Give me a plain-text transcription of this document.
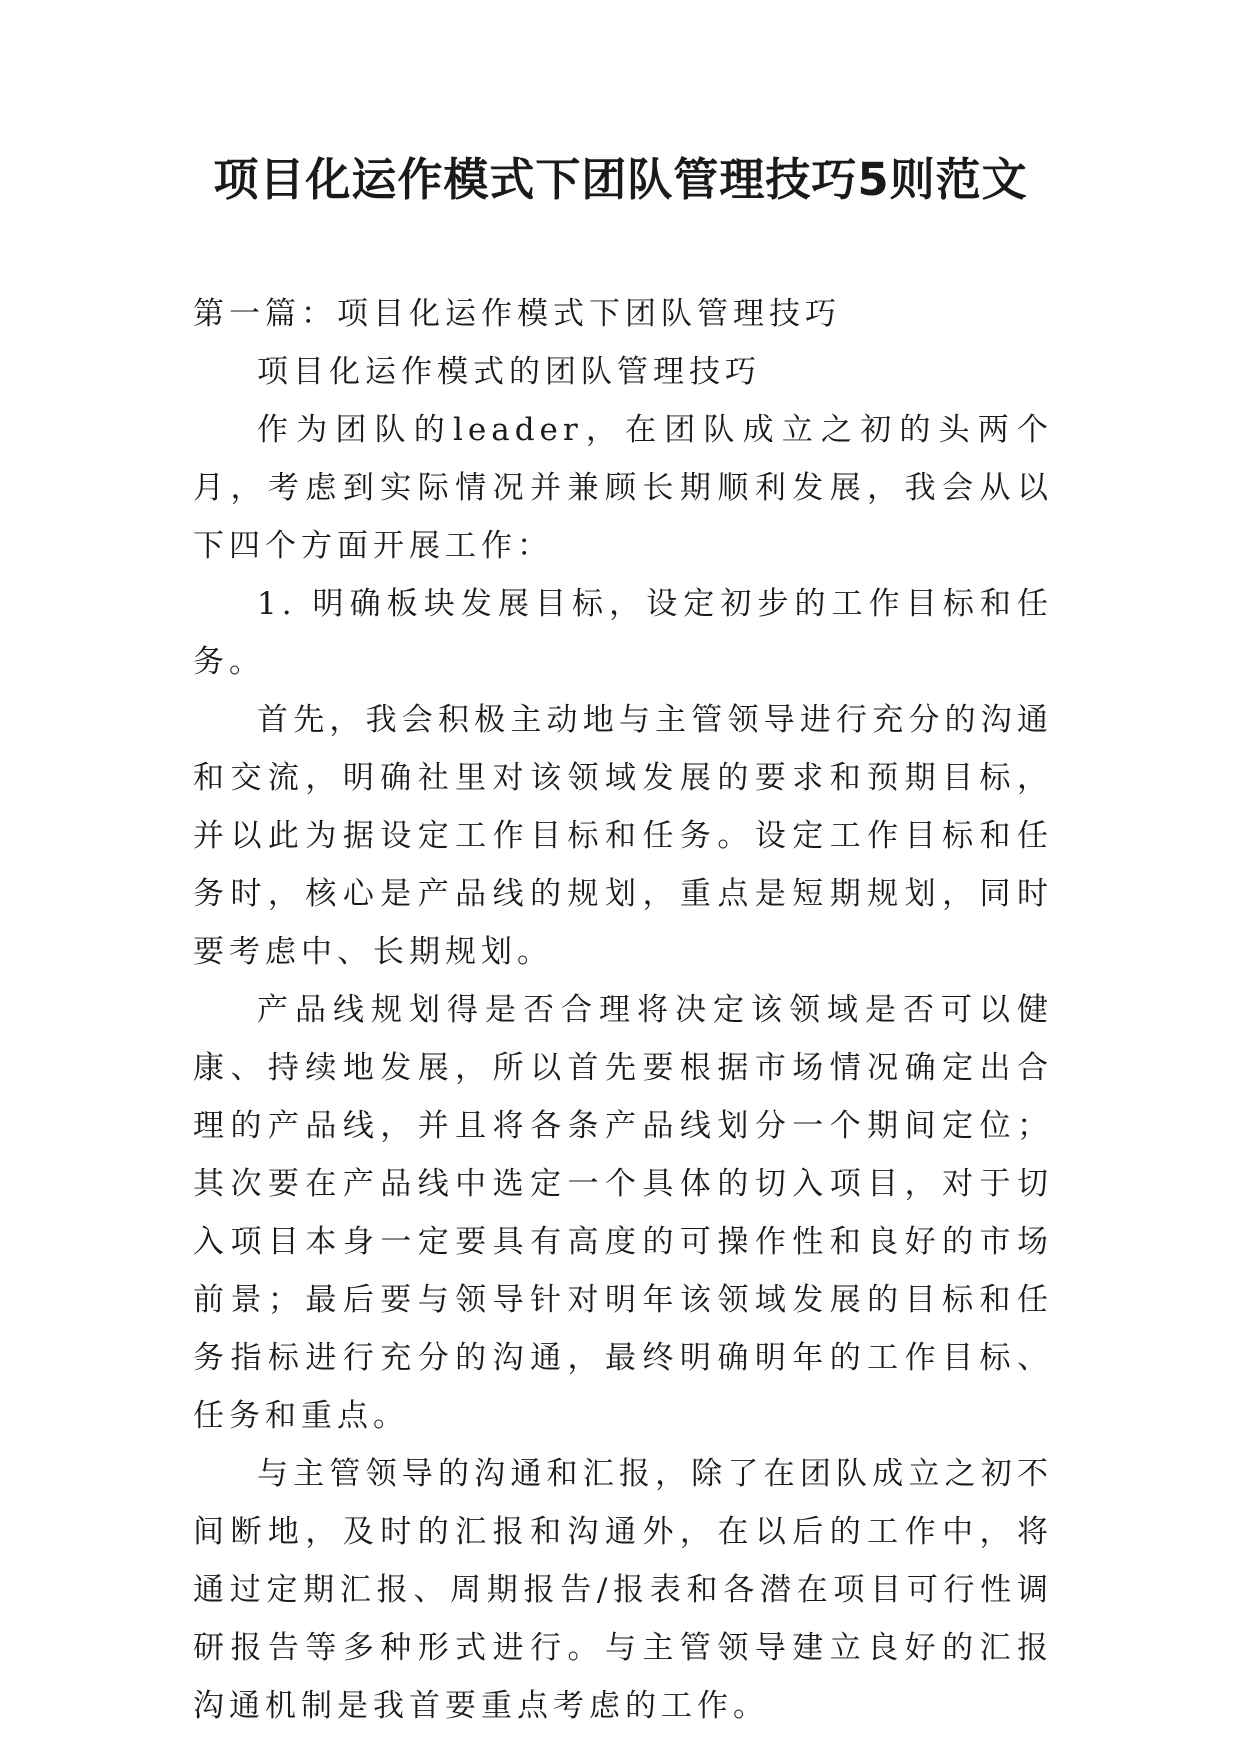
项目化运作模式下团队管理技巧5则范文

第一篇：项目化运作模式下团队管理技巧

项目化运作模式的团队管理技巧

作为团队的leader，在团队成立之初的头两个月，考虑到实际情况并兼顾长期顺利发展，我会从以下四个方面开展工作：

1. 明确板块发展目标，设定初步的工作目标和任务。

首先，我会积极主动地与主管领导进行充分的沟通和交流，明确社里对该领域发展的要求和预期目标，并以此为据设定工作目标和任务。设定工作目标和任务时，核心是产品线的规划，重点是短期规划，同时要考虑中、长期规划。

产品线规划得是否合理将决定该领域是否可以健康、持续地发展，所以首先要根据市场情况确定出合理的产品线，并且将各条产品线划分一个期间定位；其次要在产品线中选定一个具体的切入项目，对于切入项目本身一定要具有高度的可操作性和良好的市场前景；最后要与领导针对明年该领域发展的目标和任务指标进行充分的沟通，最终明确明年的工作目标、任务和重点。

与主管领导的沟通和汇报，除了在团队成立之初不间断地，及时的汇报和沟通外，在以后的工作中，将通过定期汇报、周期报告/报表和各潜在项目可行性调研报告等多种形式进行。与主管领导建立良好的汇报沟通机制是我首要重点考虑的工作。
